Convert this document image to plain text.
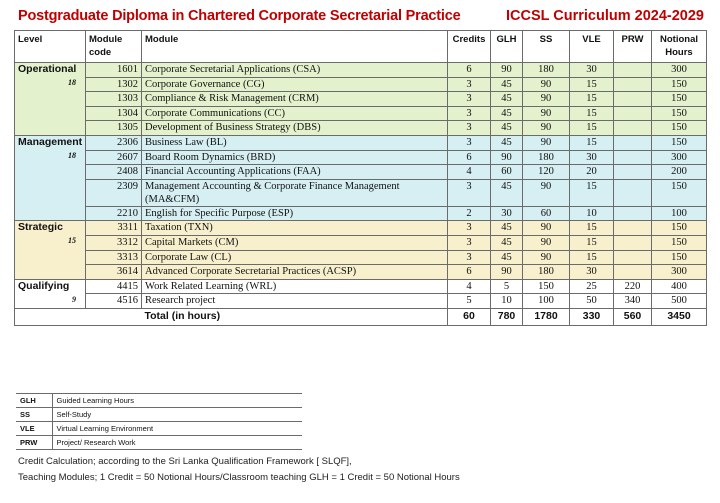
Postgraduate Diploma in Chartered Corporate Secretarial Practice	ICCSL Curriculum 2024-2029
Level	Module code	Module	Credits	GLH	SS	VLE	PRW	Notional Hours

Operational
18	1601	Corporate Secretarial Applications (CSA)	6	90	180	30		300
	1302	Corporate Governance (CG)	3	45	90	15		150
	1303	Compliance & Risk Management (CRM)	3	45	90	15		150
	1304	Corporate Communications (CC)	3	45	90	15		150
	1305	Development of Business Strategy (DBS)	3	45	90	15		150

Management
18	2306	Business Law (BL)	3	45	90	15		150
	2607	Board Room Dynamics (BRD)	6	90	180	30		300
	2408	Financial Accounting Applications (FAA)	4	60	120	20		200
	2309	Management Accounting & Corporate Finance Management (MA&CFM)	3	45	90	15		150
	2210	English for Specific Purpose (ESP)	2	30	60	10		100

Strategic
15	3311	Taxation (TXN)	3	45	90	15		150
	3312	Capital Markets (CM)	3	45	90	15		150
	3313	Corporate Law (CL)	3	45	90	15		150
	3614	Advanced Corporate Secretarial Practices (ACSP)	6	90	180	30		300

Qualifying
9	4415	Work Related Learning (WRL)	4	5	150	25	220	400
	4516	Research project	5	10	100	50	340	500
		Total (in hours)	60	780	1780	330	560	3450
GLH	Guided Learning Hours
SS	Self-Study
VLE	Virtual Learning Environment
PRW	Project/ Research Work
Credit Calculation; according to the Sri Lanka Qualification Framework [ SLQF],
Teaching Modules; 1 Credit = 50 Notional Hours/Classroom teaching GLH = 1 Credit = 50 Notional Hours
